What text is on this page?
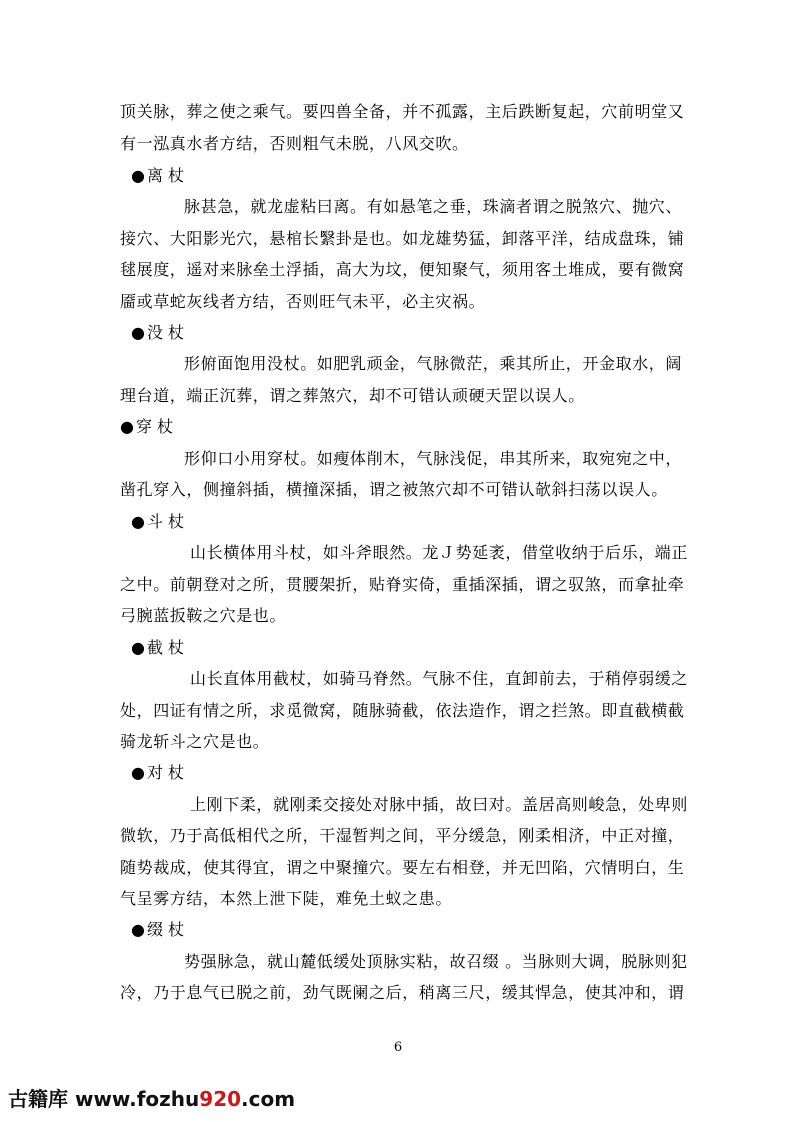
顶关脉，葬之使之乘气。要四兽全备，并不孤露，主后跌断复起，穴前明堂又
有一泓真水者方结，否则粗气未脱，八风交吹。
● 离 杖
脉甚急，就龙虚粘曰离。有如悬笔之垂，珠滴者谓之脱煞穴、抛穴、
接穴、大阳影光穴，悬棺长繄卦是也。如龙雄势猛，卸落平洋，结成盘珠，铺
毬展度，遥对来脉垒土浮插，高大为坟，便知聚气，须用客土堆成，要有微窝
靥或草蛇灰线者方结，否则旺气未平，必主灾祸。
● 没 杖
形俯面饱用没杖。如肥乳顽金，气脉微茫，乘其所止，开金取水，阔
理台道，端正沉葬，谓之葬煞穴，却不可错认顽硬天罡以误人。
● 穿 杖
形仰口小用穿杖。如瘦体削木，气脉浅促，串其所来，取宛宛之中，
凿孔穿入，侧撞斜插，横撞深插，谓之被煞穴却不可错认欹斜扫荡以误人。
● 斗 杖
山长横体用斗杖，如斗斧眼然。龙Ｊ势延袤，借堂收纳于后乐，端正
之中。前朝登对之所，贯腰架折，贴脊实倚，重插深插，谓之驭煞，而拿扯牵
弓腕蓝扳鞍之穴是也。
● 截 杖
山长直体用截杖，如骑马脊然。气脉不住，直卸前去，于稍停弱缓之
处，四证有情之所，求觅微窝，随脉骑截，依法造作，谓之拦煞。即直截横截
骑龙斩斗之穴是也。
● 对 杖
上刚下柔，就刚柔交接处对脉中插，故曰对。盖居高则峻急，处卑则
微软，乃于高低相代之所，干湿暂判之间，平分缓急，刚柔相济，中正对撞，
随势裁成，使其得宜，谓之中聚撞穴。要左右相登，并无凹陷，穴情明白，生
气呈雾方结，本然上泄下陡，难免土蚁之患。
● 缀 杖
势强脉急，就山麓低缓处顶脉实粘，故召缀 。当脉则大调，脱脉则犯
冷，乃于息气已脱之前，劲气既阑之后，稍离三尺，缓其悍急，使其冲和，谓
6
古籍库 www.fozhu920.com
